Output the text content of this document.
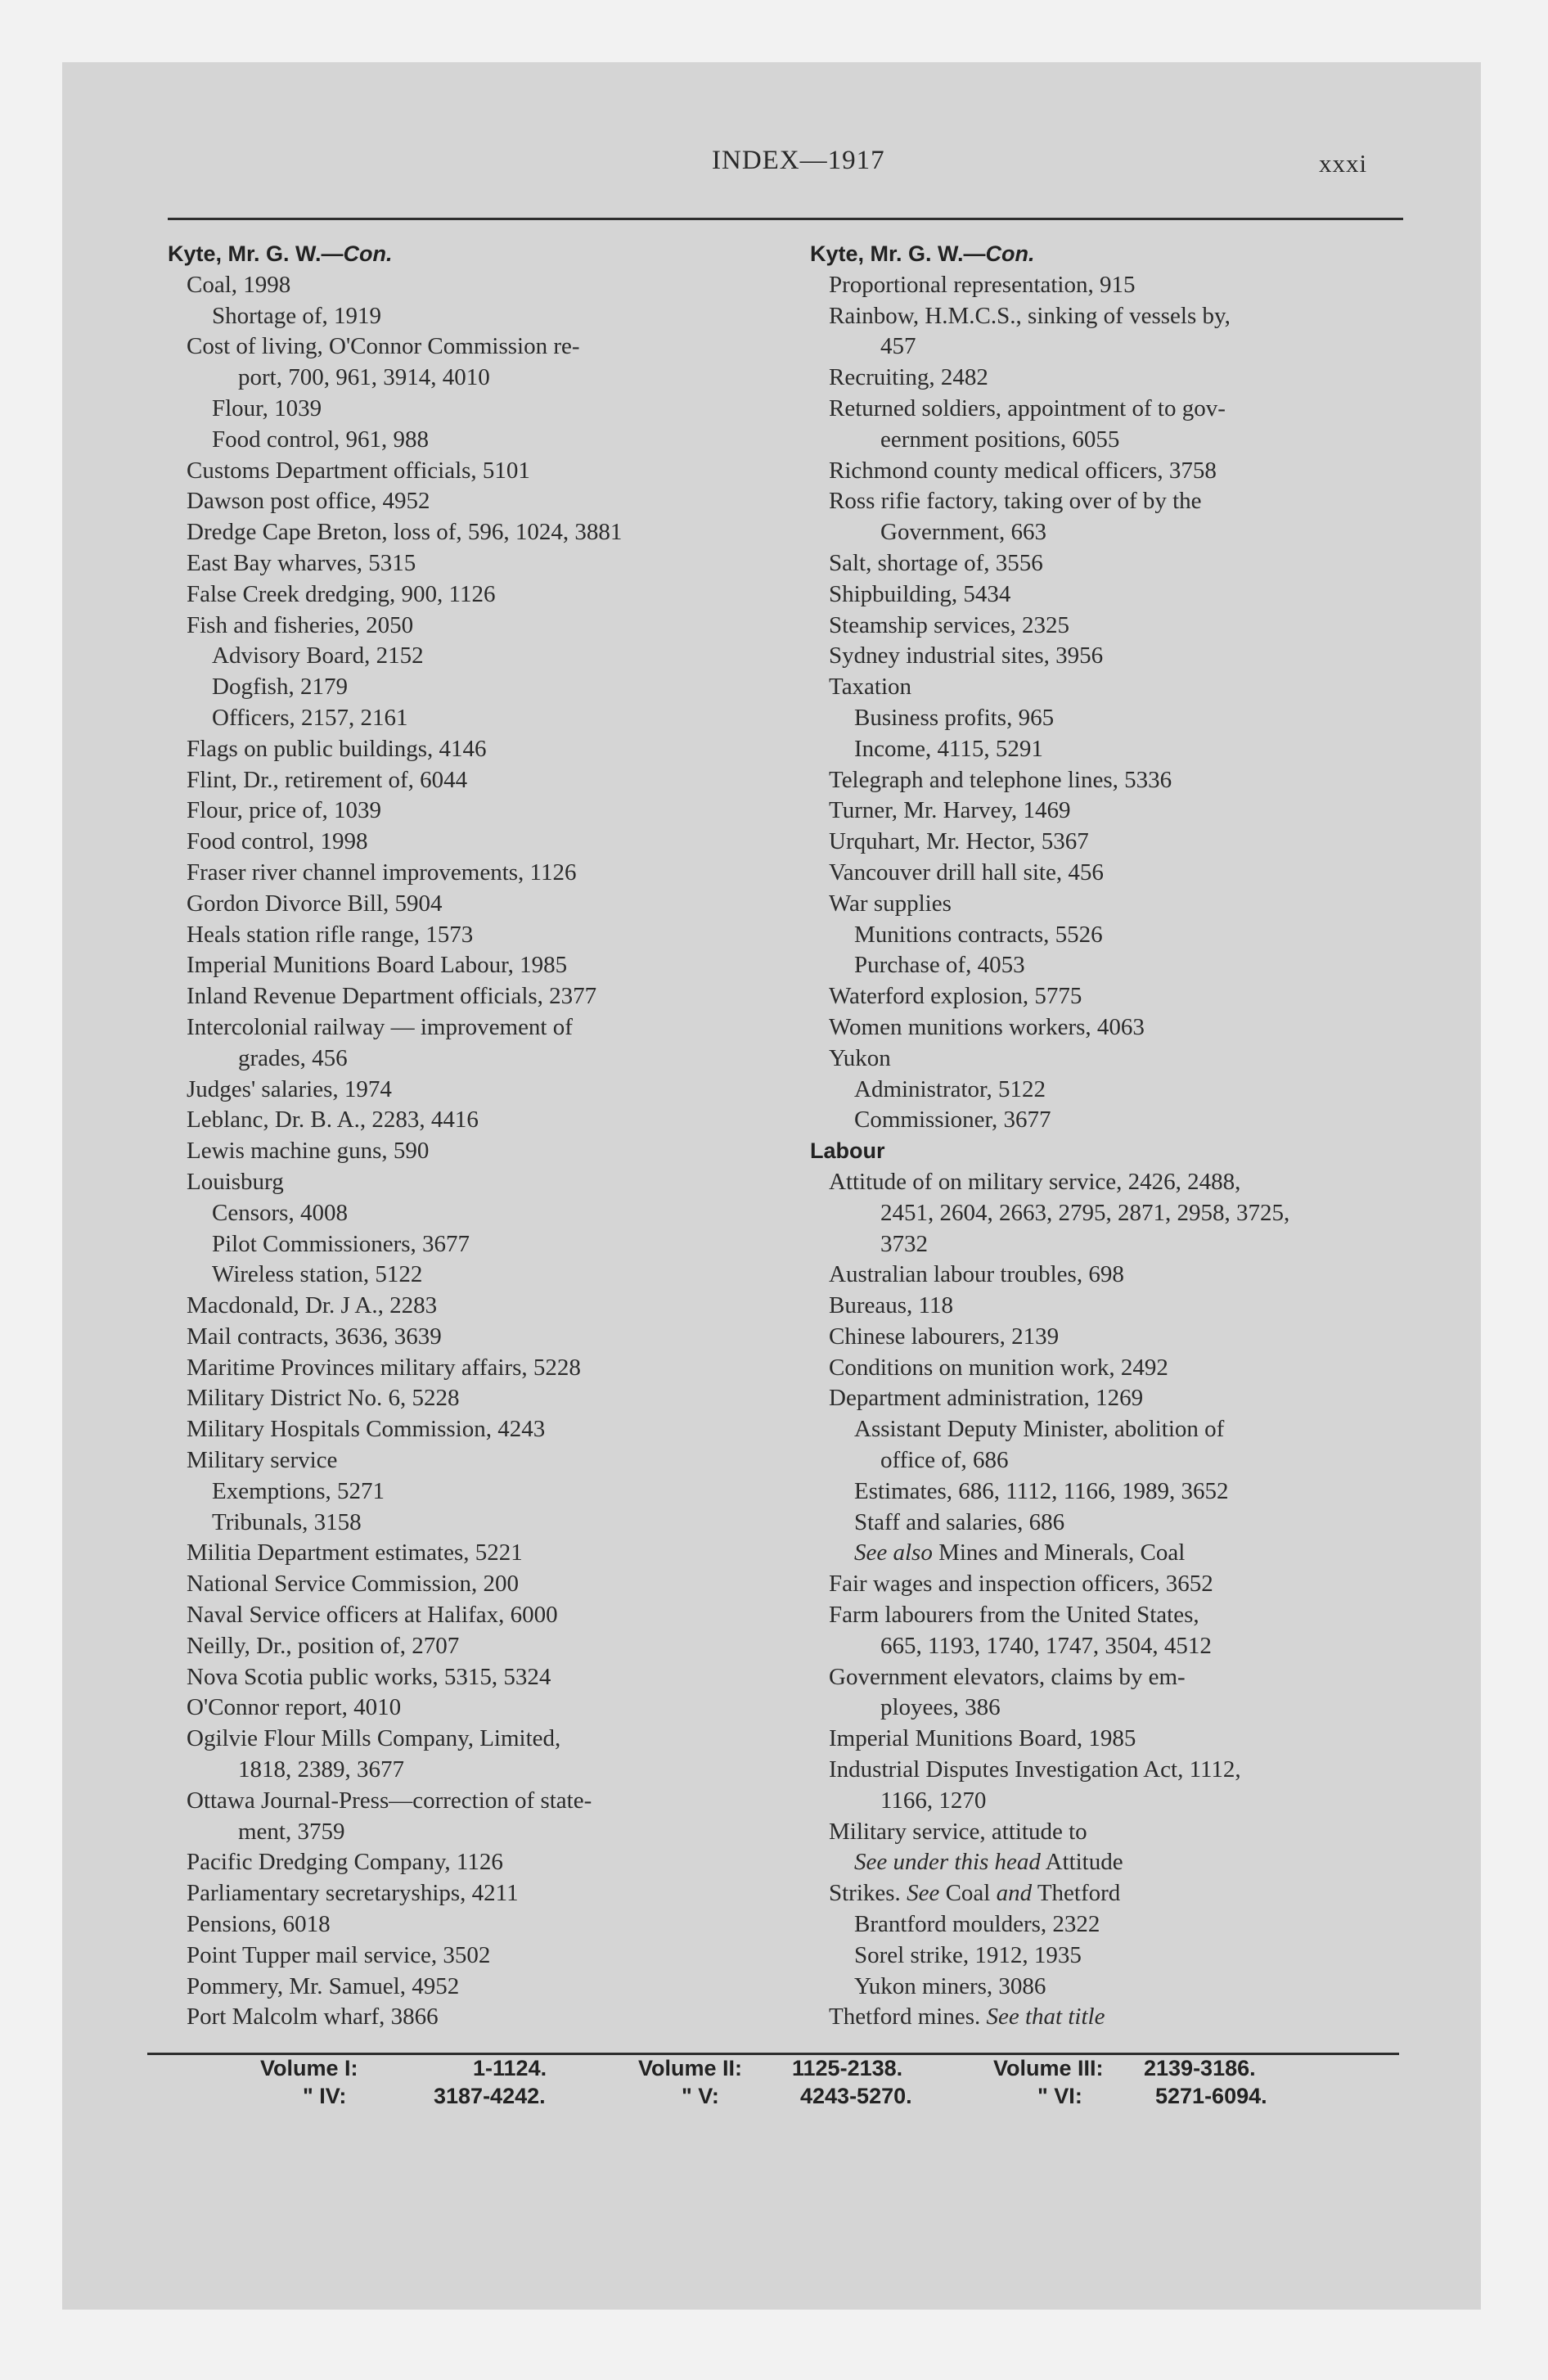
INDEX—1917	xxxi
Kyte, Mr. G. W.—Con.
Coal, 1998
Shortage of, 1919
Cost of living, O'Connor Commission re-
port, 700, 961, 3914, 4010
Flour, 1039
Food control, 961, 988
Customs Department officials, 5101
Dawson post office, 4952
Dredge Cape Breton, loss of, 596, 1024, 3881
East Bay wharves, 5315
False Creek dredging, 900, 1126
Fish and fisheries, 2050
Advisory Board, 2152
Dogfish, 2179
Officers, 2157, 2161
Flags on public buildings, 4146
Flint, Dr., retirement of, 6044
Flour, price of, 1039
Food control, 1998
Fraser river channel improvements, 1126
Gordon Divorce Bill, 5904
Heals station rifle range, 1573
Imperial Munitions Board Labour, 1985
Inland Revenue Department officials, 2377
Intercolonial railway — improvement of
grades, 456
Judges' salaries, 1974
Leblanc, Dr. B. A., 2283, 4416
Lewis machine guns, 590
Louisburg
Censors, 4008
Pilot Commissioners, 3677
Wireless station, 5122
Macdonald, Dr. J A., 2283
Mail contracts, 3636, 3639
Maritime Provinces military affairs, 5228
Military District No. 6, 5228
Military Hospitals Commission, 4243
Military service
Exemptions, 5271
Tribunals, 3158
Militia Department estimates, 5221
National Service Commission, 200
Naval Service officers at Halifax, 6000
Neilly, Dr., position of, 2707
Nova Scotia public works, 5315, 5324
O'Connor report, 4010
Ogilvie Flour Mills Company, Limited,
1818, 2389, 3677
Ottawa Journal-Press—correction of state-
ment, 3759
Pacific Dredging Company, 1126
Parliamentary secretaryships, 4211
Pensions, 6018
Point Tupper mail service, 3502
Pommery, Mr. Samuel, 4952
Port Malcolm wharf, 3866
Kyte, Mr. G. W.—Con.
Proportional representation, 915
Rainbow, H.M.C.S., sinking of vessels by,
457
Recruiting, 2482
Returned soldiers, appointment of to gov-
eernment positions, 6055
Richmond county medical officers, 3758
Ross rifie factory, taking over of by the
Government, 663
Salt, shortage of, 3556
Shipbuilding, 5434
Steamship services, 2325
Sydney industrial sites, 3956
Taxation
Business profits, 965
Income, 4115, 5291
Telegraph and telephone lines, 5336
Turner, Mr. Harvey, 1469
Urquhart, Mr. Hector, 5367
Vancouver drill hall site, 456
War supplies
Munitions contracts, 5526
Purchase of, 4053
Waterford explosion, 5775
Women munitions workers, 4063
Yukon
Administrator, 5122
Commissioner, 3677
Labour
Attitude of on military service, 2426, 2488,
2451, 2604, 2663, 2795, 2871, 2958, 3725,
3732
Australian labour troubles, 698
Bureaus, 118
Chinese labourers, 2139
Conditions on munition work, 2492
Department administration, 1269
Assistant Deputy Minister, abolition of
office of, 686
Estimates, 686, 1112, 1166, 1989, 3652
Staff and salaries, 686
See also Mines and Minerals, Coal
Fair wages and inspection officers, 3652
Farm labourers from the United States,
665, 1193, 1740, 1747, 3504, 4512
Government elevators, claims by em-
ployees, 386
Imperial Munitions Board, 1985
Industrial Disputes Investigation Act, 1112,
1166, 1270
Military service, attitude to
See under this head Attitude
Strikes. See Coal and Thetford
Brantford moulders, 2322
Sorel strike, 1912, 1935
Yukon miners, 3086
Thetford mines. See that title
Volume I:	1-1124.	Volume II: 1125-2138.	Volume III: 2139-3186.
" IV:	3187-4242.	" V:	4243-5270.	" VI:	5271-6094.
